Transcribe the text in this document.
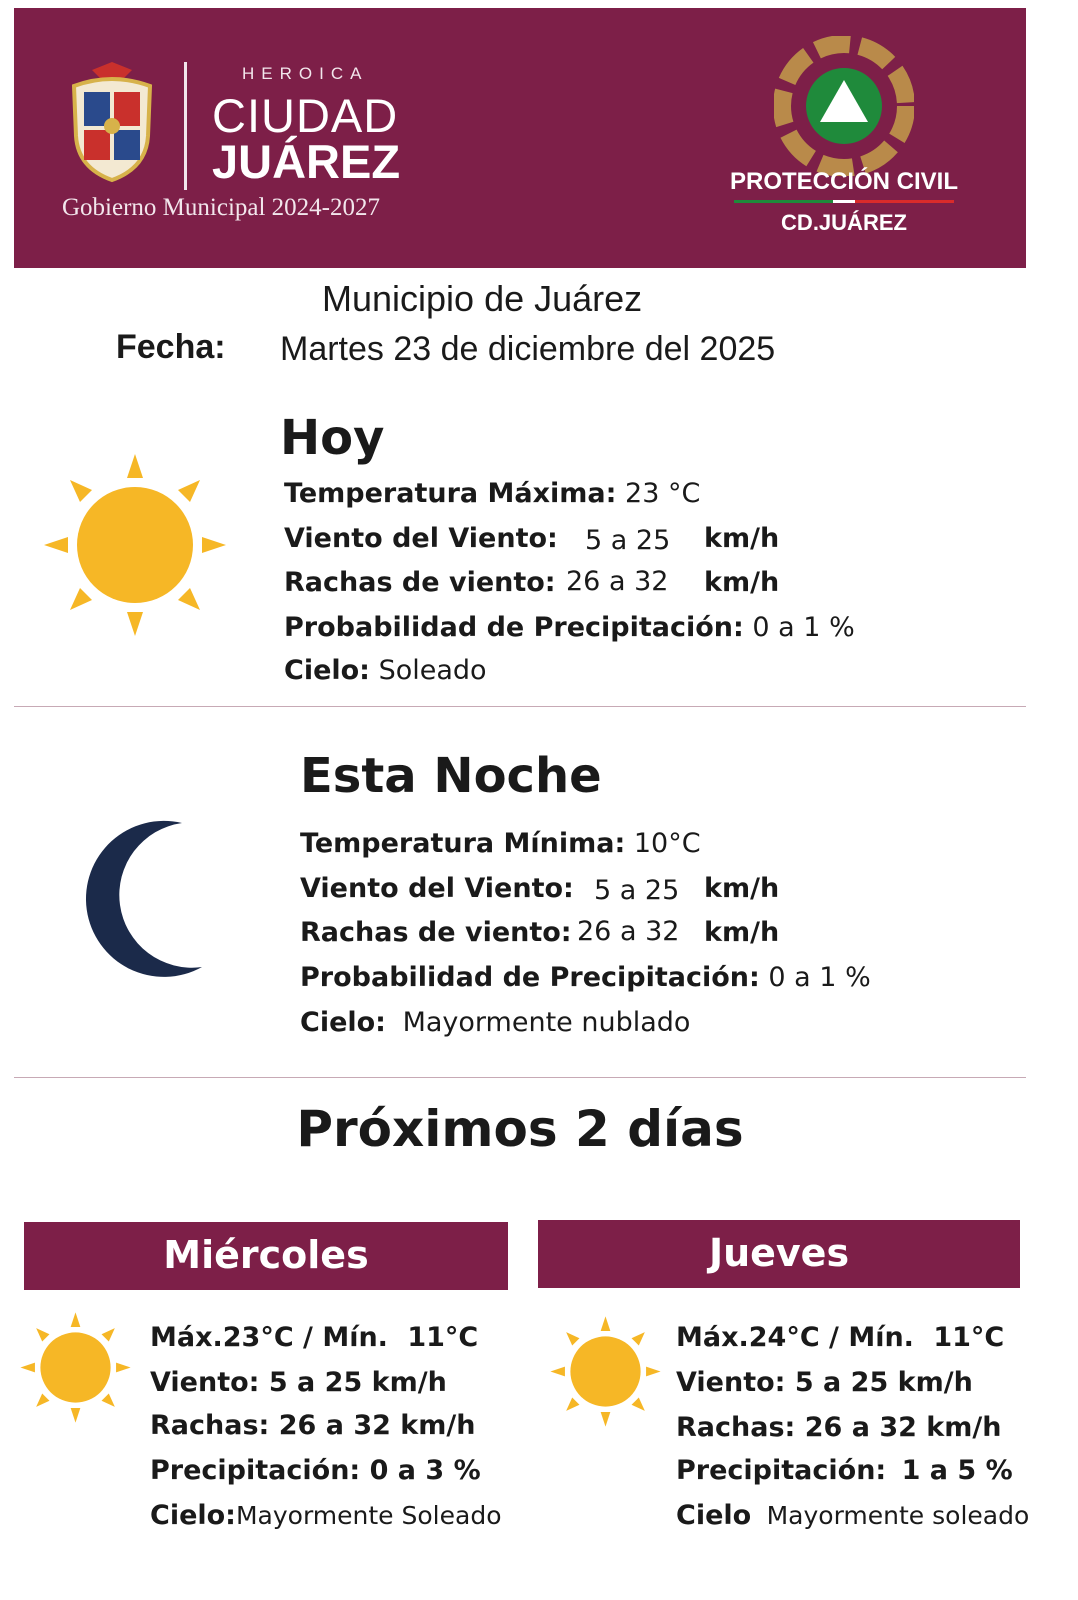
HEROICA
CIUDAD
JUÁREZ
Gobierno Municipal 2024-2027
PROTECCIÓN CIVIL
CD.JUÁREZ
Municipio de Juárez
Fecha: Martes 23 de diciembre del 2025
Hoy
Temperatura Máxima: 23 °C
Viento del Viento: 5 a 25 km/h
Rachas de viento: 26 a 32 km/h
Probabilidad de Precipitación: 0 a 1 %
Cielo: Soleado
Esta Noche
Temperatura Mínima: 10°C
Viento del Viento: 5 a 25 km/h
Rachas de viento: 26 a 32 km/h
Probabilidad de Precipitación: 0 a 1 %
Cielo: Mayormente nublado
Próximos 2 días
Miércoles
Máx.23°C / Mín. 11°C
Viento: 5 a 25 km/h
Rachas: 26 a 32 km/h
Precipitación: 0 a 3 %
Cielo:Mayormente Soleado
Jueves
Máx.24°C / Mín. 11°C
Viento: 5 a 25 km/h
Rachas: 26 a 32 km/h
Precipitación: 1 a 5 %
Cielo Mayormente soleado
